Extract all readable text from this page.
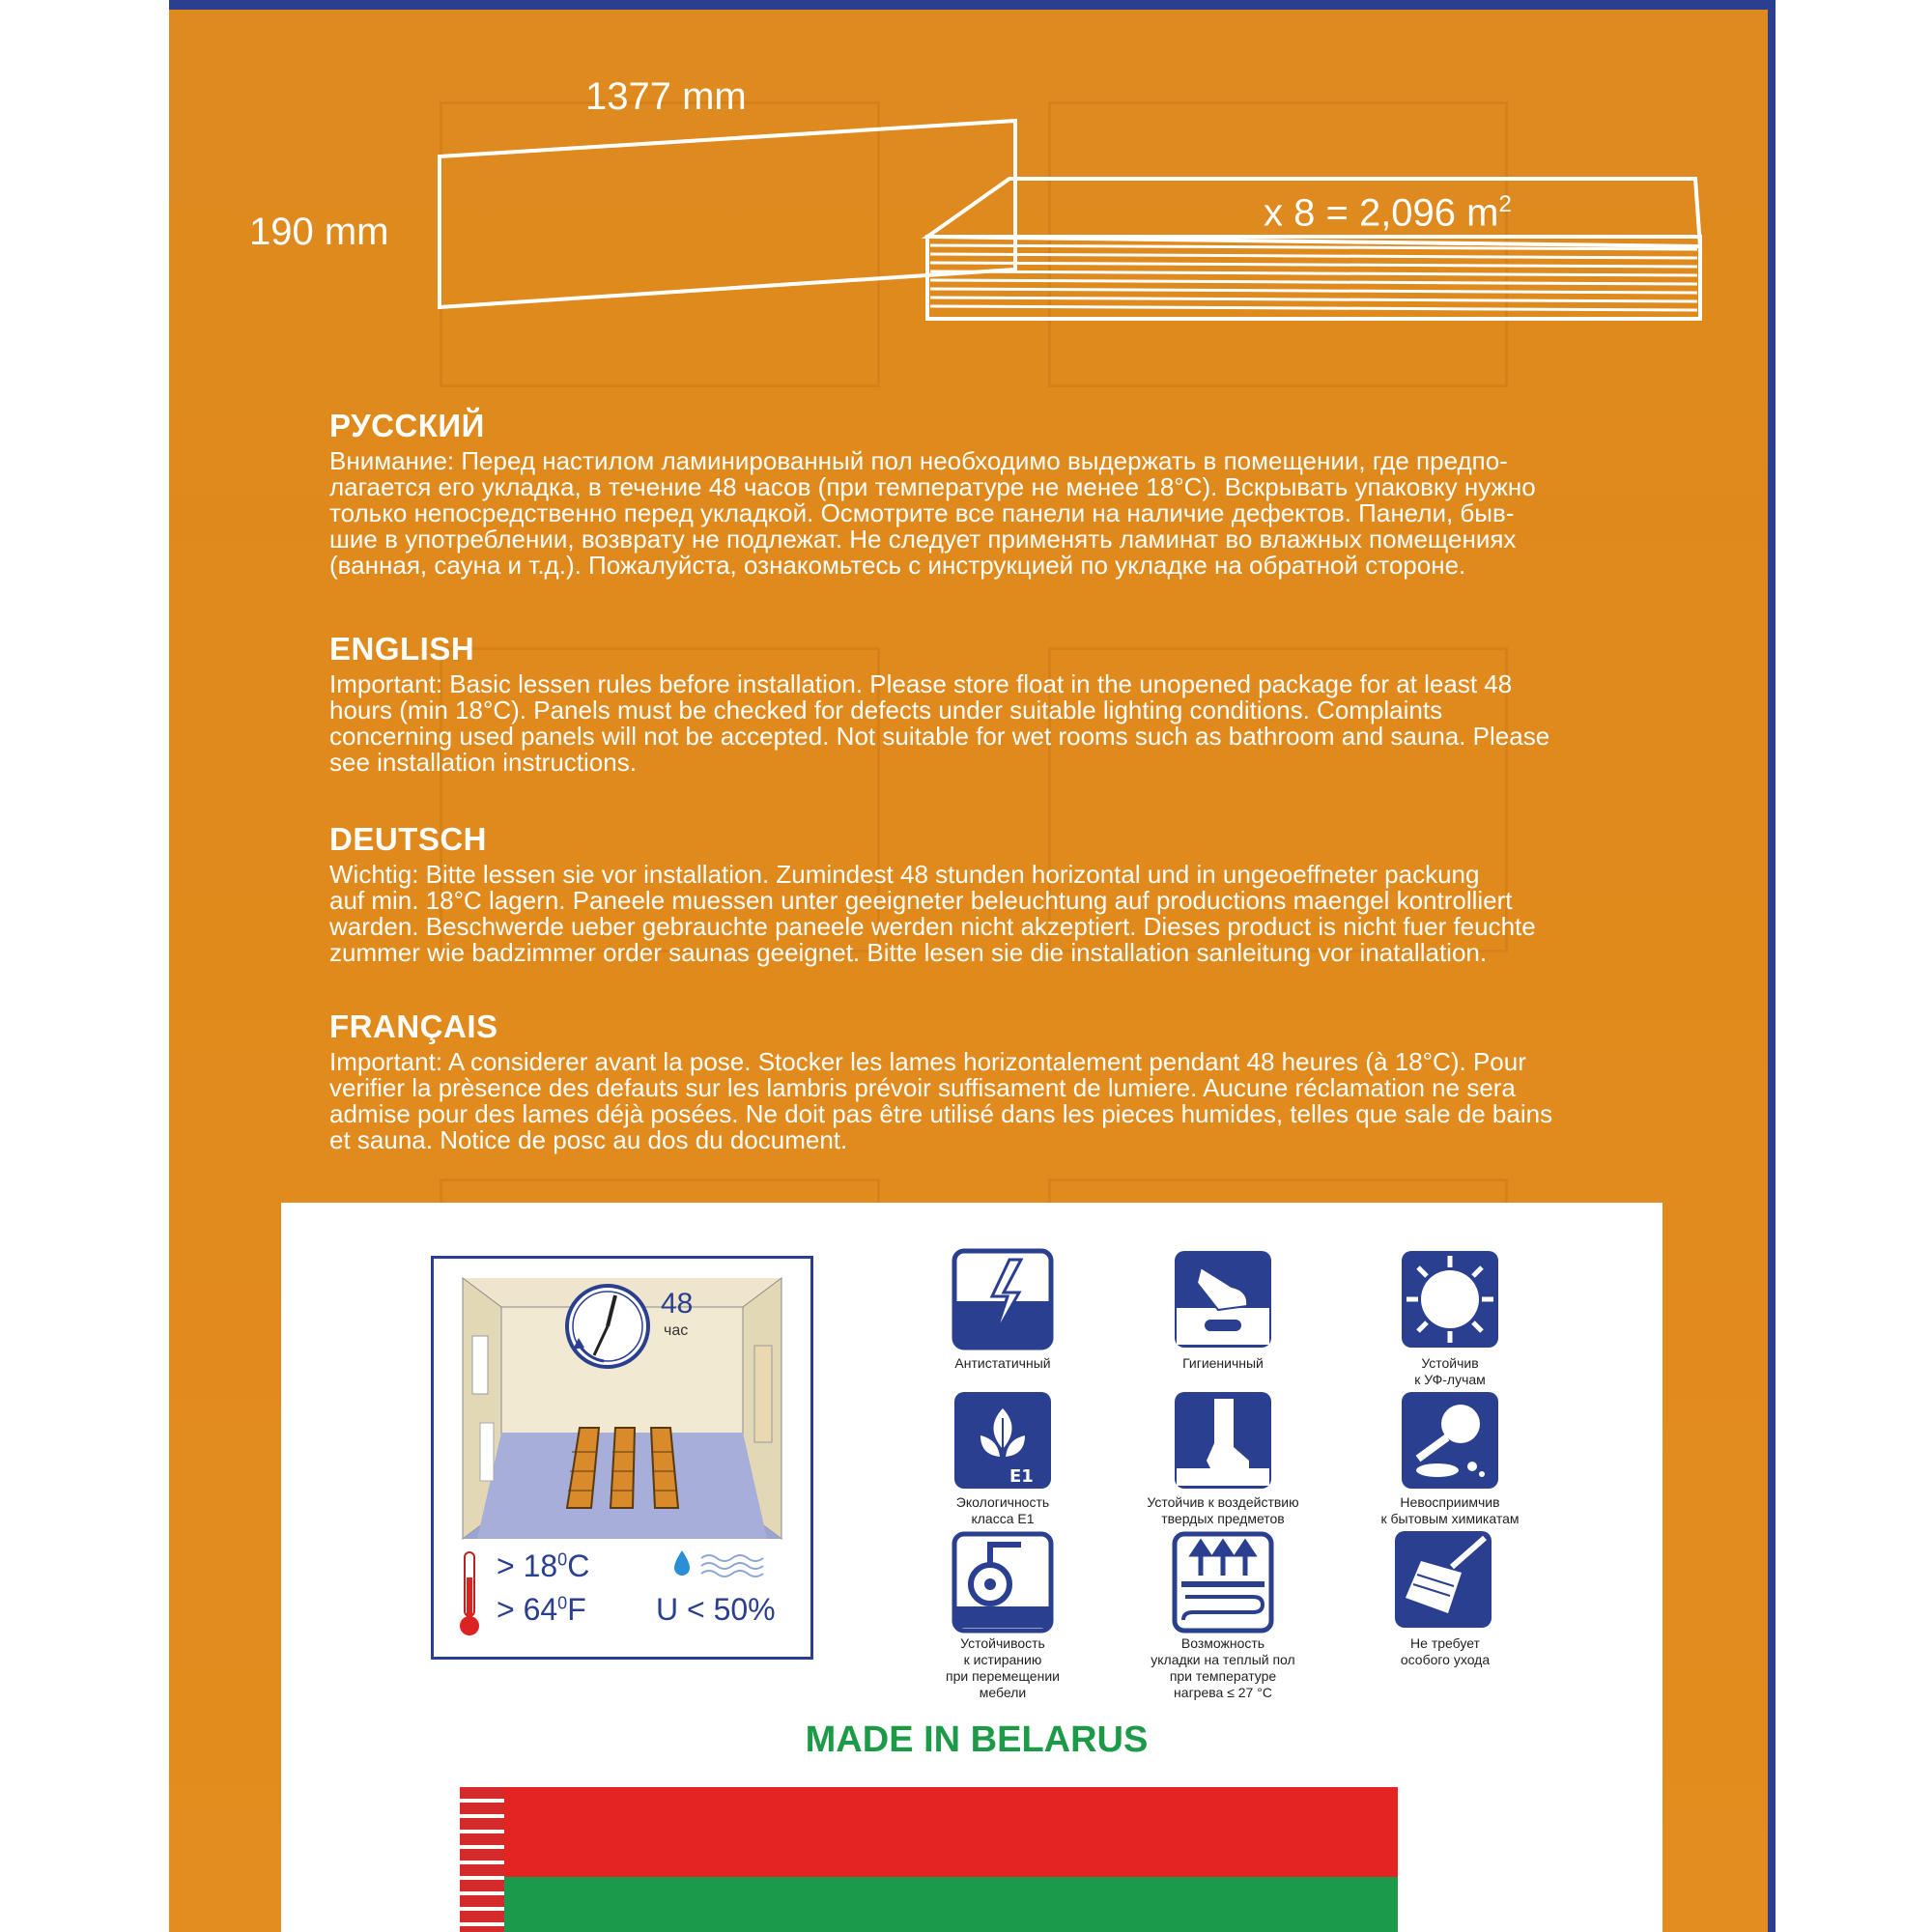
1377 mm
190 mm	x 8 = 2,096 $m^2$
РУССКИЙ
Внимание: Перед настилом ламинированный пол необходимо выдержать в помещении, где предпо-
лагается его укладка, в течение 48 часов (при температуре не менее 18°С). Вскрывать упаковку нужно
только непосредственно перед укладкой. Осмотрите все панели на наличие дефектов. Панели, быв-
шие в употреблении, возврату не подлежат. Не следует применять ламинат во влажных помещениях
(ванная, сауна и т.д.). Пожалуйста, ознакомьтесь с инструкцией по укладке на обратной стороне.
ENGLISH
Important: Basic lessen rules before installation. Please store float in the unopened package for at least 48
hours (min 18°C). Panels must be checked for defects under suitable lighting conditions. Complaints
concerning used panels will not be accepted. Not suitable for wet rooms such as bathroom and sauna. Please
see installation instructions.
DEUTSCH
Wichtig: Bitte lessen sie vor installation. Zumindest 48 stunden horizontal und in ungeoeffneter packung
auf min. 18°C lagern. Paneele muessen unter geeigneter beleuchtung auf productions maengel kontrolliert
warden. Beschwerde ueber gebrauchte paneele werden nicht akzeptiert. Dieses product is nicht fuer feuchte
zummer wie badzimmer order saunas geeignet. Bitte lesen sie die installation sanleitung vor inatallation.
FRANÇAIS
Important: A considerer avant la pose. Stocker les lames horizontalement pendant 48 heures (à 18°C). Pour
verifier la prèsence des defauts sur les lambris prévoir suffisament de lumiere. Aucune réclamation ne sera
admise pour des lames déjà posées. Ne doit pas être utilisé dans les pieces humides, telles que sale de bains
et sauna. Notice de posc au dos du document.
48
час
> $18^0C$
> $64^0F$ U < 50%
Антистатичный	Гигиеничный	Устойчив
к УФ-лучам
E1
Экологичность
класса Е1
Устойчив к воздействию
твердых предметов
Невосприимчив
к бытовым химикатам
Устойчивость
к истиранию
при перемещении
мебели
Возможность
укладки на теплый пол
при температуре
нагрева ≤ 27 °С
Не требует
особого ухода
MADE IN BELARUS
